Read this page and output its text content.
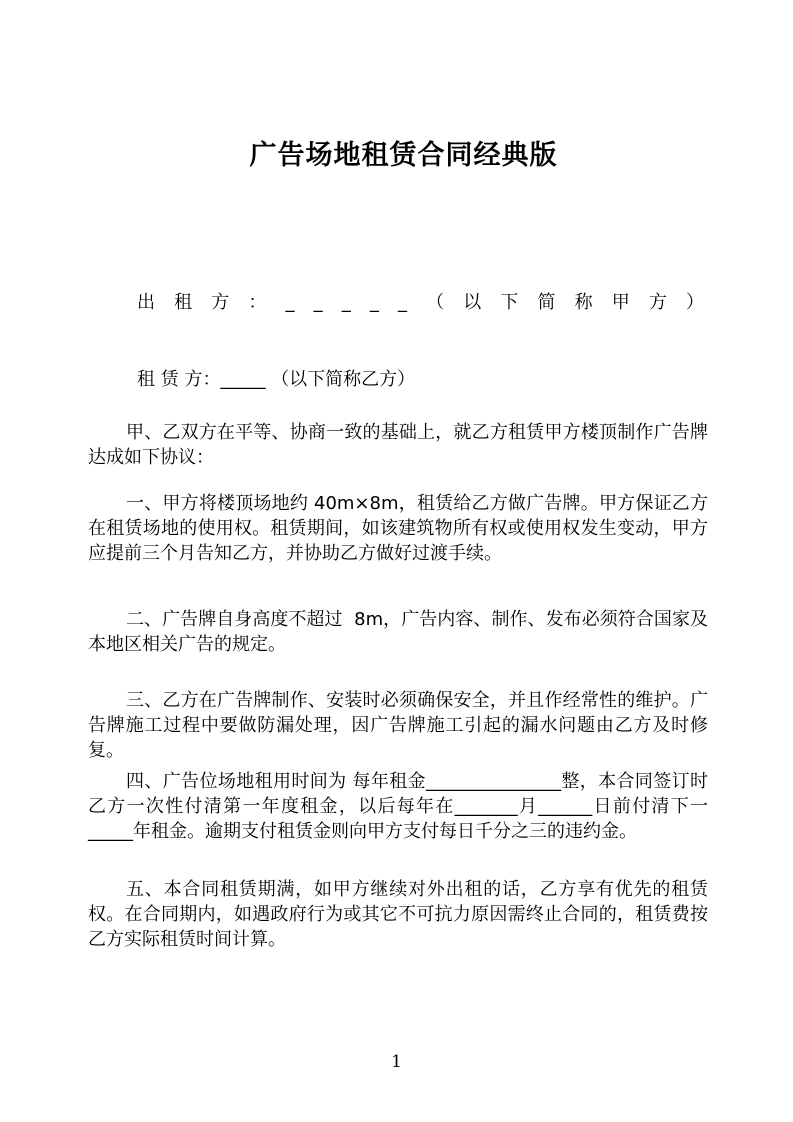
广告场地租赁合同经典版
出 租 方 ： _ _ _ _ _ （ 以 下 简 称 甲 方 ）
租 赁 方：_____ （以下简称乙方）

甲、乙双方在平等、协商一致的基础上，就乙方租赁甲方楼顶制作广告牌达成如下协议：

一、甲方将楼顶场地约 40m×8m，租赁给乙方做广告牌。甲方保证乙方在租赁场地的使用权。租赁期间，如该建筑物所有权或使用权发生变动，甲方应提前三个月告知乙方，并协助乙方做好过渡手续。

二、广告牌自身高度不超过  8m，广告内容、制作、发布必须符合国家及本地区相关广告的规定。

三、乙方在广告牌制作、安装时必须确保安全，并且作经常性的维护。广告牌施工过程中要做防漏处理，因广告牌施工引起的漏水问题由乙方及时修复。

四、广告位场地租用时间为 每年租金_______________整，本合同签订时乙方一次性付清第一年度租金，以后每年在_______月______日前付清下一_____年租金。逾期支付租赁金则向甲方支付每日千分之三的违约金。

五、本合同租赁期满，如甲方继续对外出租的话，乙方享有优先的租赁权。在合同期内，如遇政府行为或其它不可抗力原因需终止合同的，租赁费按乙方实际租赁时间计算。

1
